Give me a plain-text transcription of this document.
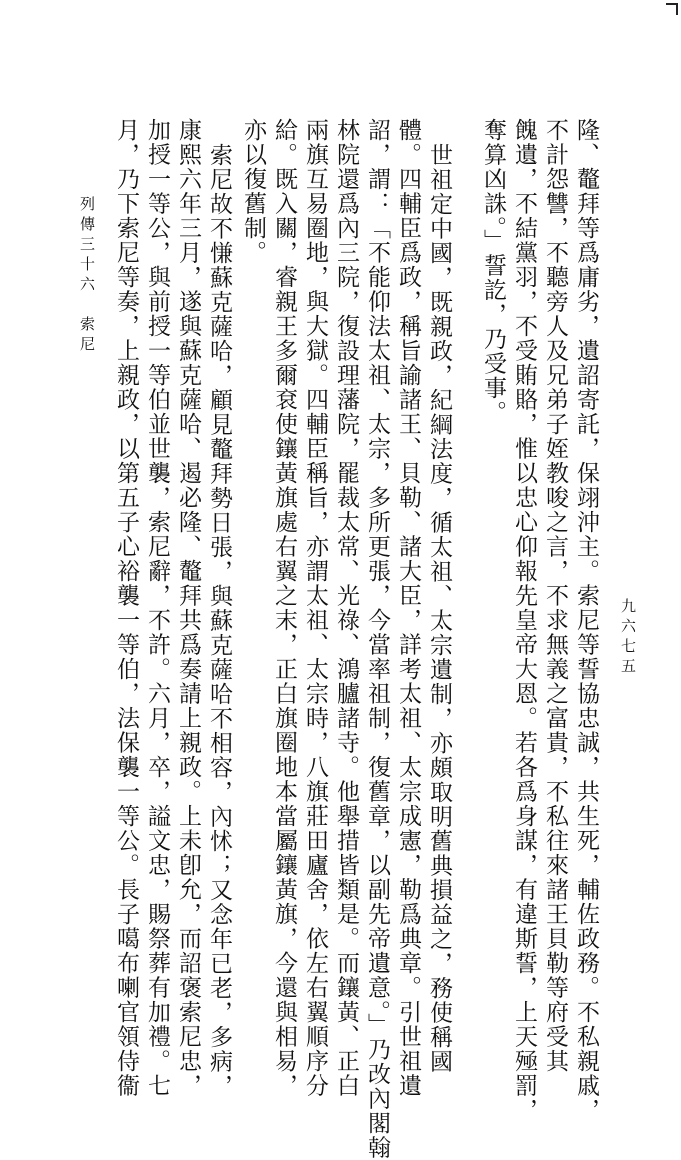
九六七五
隆、鼇拜等爲庸劣，遺詔寄託，保翊沖主。索尼等誓協忠誠，共生死，輔佐政務。不私親戚，
不計怨讐，不聽旁人及兄弟子姪教唆之言，不求無義之富貴，不私往來諸王貝勒等府受其
餽遺，不結黨羽，不受賄賂，惟以忠心仰報先皇帝大恩。若各爲身謀，有違斯誓，上天殛罰，
奪算凶誅。」誓訖，乃受事。
世祖定中國，既親政，紀綱法度，循太祖、太宗遺制，亦頗取明舊典損益之，務使稱國
體。四輔臣爲政，稱旨諭諸王、貝勒、諸大臣，詳考太祖、太宗成憲，勒爲典章。引世祖遺
詔，謂：「不能仰法太祖、太宗，多所更張，今當率祖制，復舊章，以副先帝遺意。」乃改內閣翰
林院還爲內三院，復設理藩院，罷裁太常、光祿、鴻臚諸寺。他舉措皆類是。而鑲黃、正白
兩旗互易圈地，與大獄。四輔臣稱旨，亦謂太祖、太宗時，八旗莊田廬舍，依左右翼順序分
給。既入關，睿親王多爾袞使鑲黃旗處右翼之末，正白旗圈地本當屬鑲黃旗，今還與相易，
亦以復舊制。
索尼故不慊蘇克薩哈，顧見鼇拜勢日張，與蘇克薩哈不相容，內怵；又念年已老，多病，
康熙六年三月，遂與蘇克薩哈、遏必隆、鼇拜共爲奏請上親政。上未卽允，而詔褒索尼忠，
加授一等公，與前授一等伯並世襲，索尼辭，不許。六月，卒，謚文忠，賜祭葬有加禮。七
月，乃下索尼等奏，上親政，以第五子心裕襲一等伯，法保襲一等公。長子噶布喇官領侍衞
列傳三十六　索尼
